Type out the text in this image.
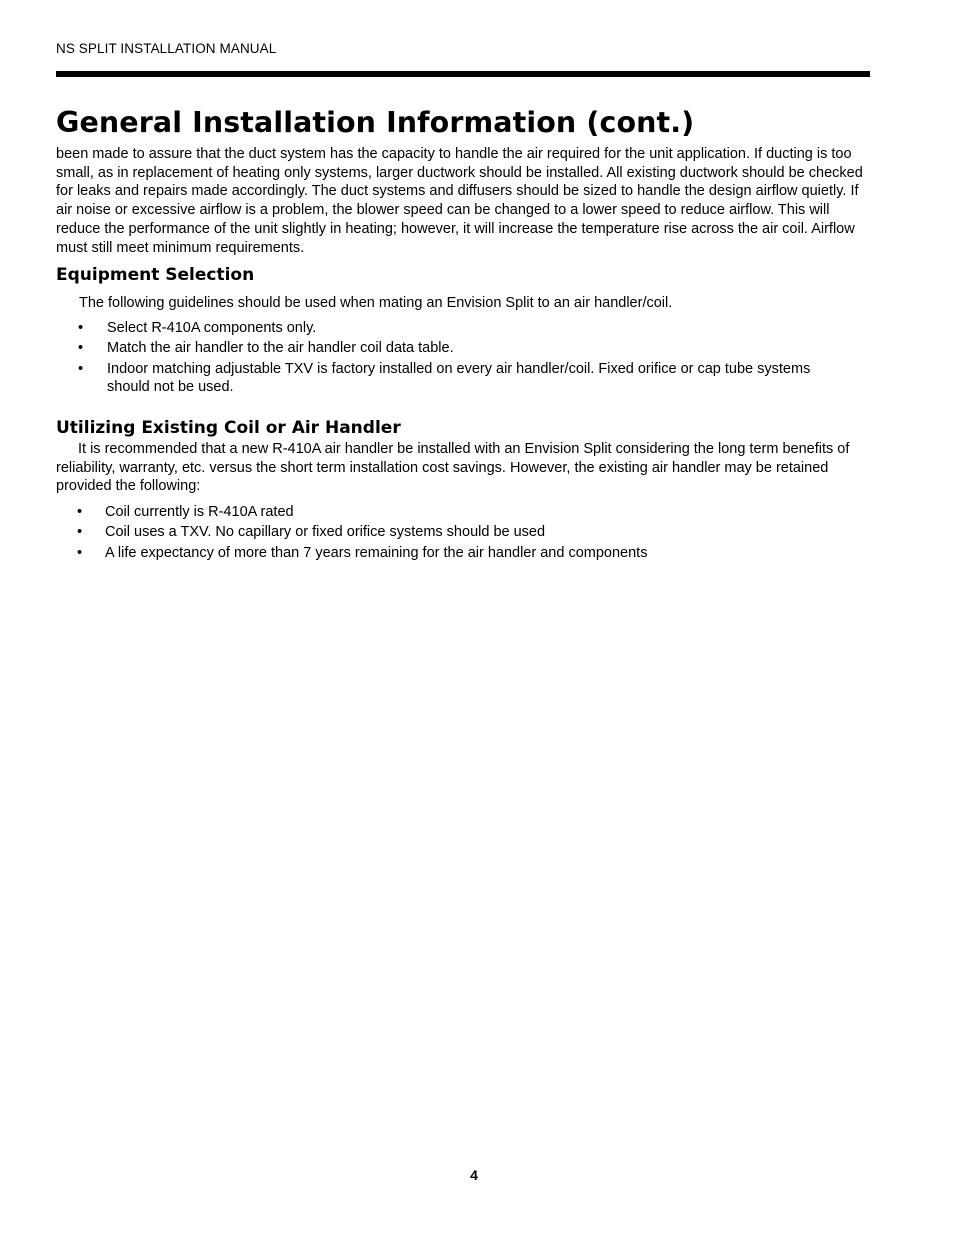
NS SPLIT INSTALLATION MANUAL
General Installation Information (cont.)

been made to assure that the duct system has the capacity to handle the air required for the unit application. If ducting is too small, as in replacement of heating only systems, larger ductwork should be installed. All existing ductwork should be checked for leaks and repairs made accordingly. The duct systems and diffusers should be sized to handle the design airflow quietly. If air noise or excessive airflow is a problem, the blower speed can be changed to a lower speed to reduce airflow. This will reduce the performance of the unit slightly in heating; however, it will increase the temperature rise across the air coil. Airflow must still meet minimum requirements.

Equipment Selection

The following guidelines should be used when mating an Envision Split to an air handler/coil.

• Select R-410A components only.
• Match the air handler to the air handler coil data table.
• Indoor matching adjustable TXV is factory installed on every air handler/coil. Fixed orifice or cap tube systems should not be used.
Utilizing Existing Coil or Air Handler

It is recommended that a new R-410A air handler be installed with an Envision Split considering the long term benefits of reliability, warranty, etc. versus the short term installation cost savings. However, the existing air handler may be retained provided the following:

• Coil currently is R-410A rated
• Coil uses a TXV. No capillary or fixed orifice systems should be used
• A life expectancy of more than 7 years remaining for the air handler and components
4
